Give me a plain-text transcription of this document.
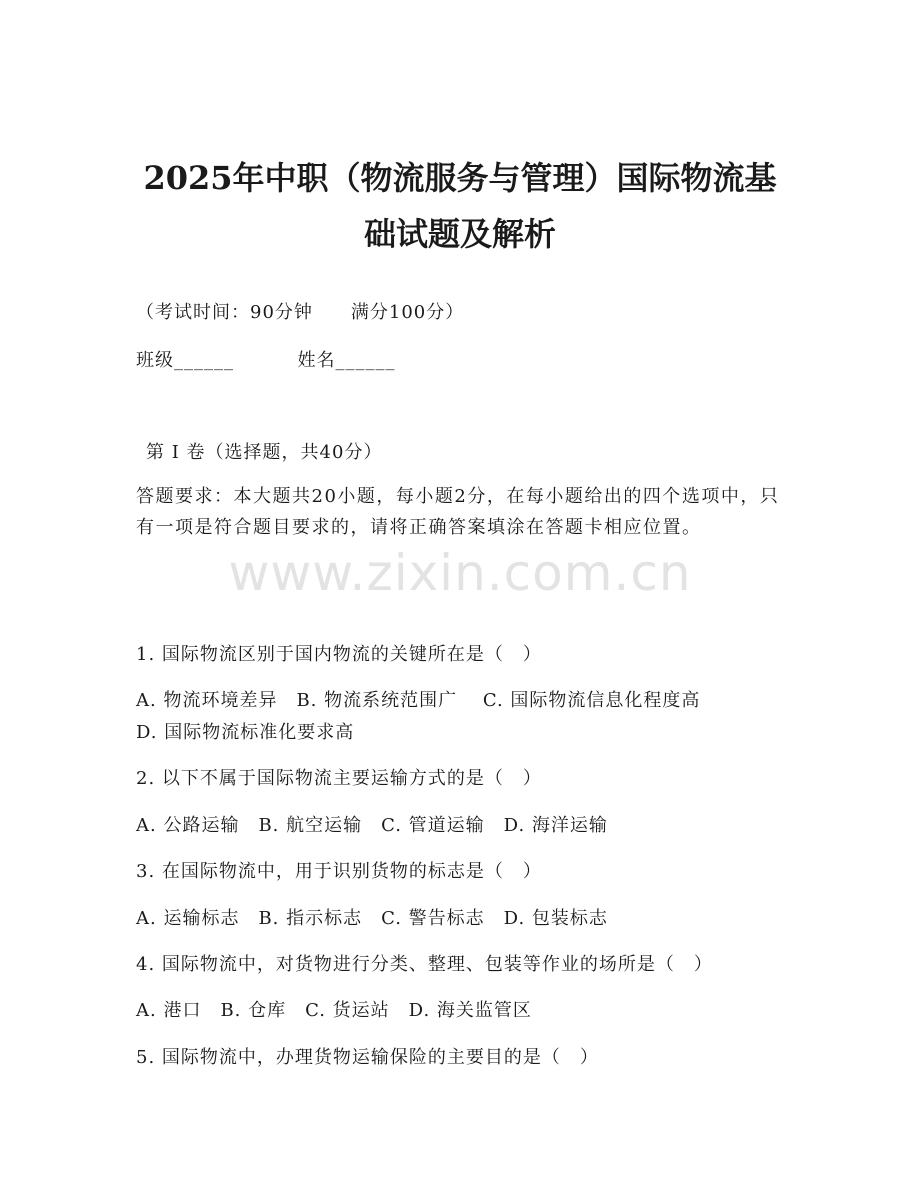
2025年中职（物流服务与管理）国际物流基
础试题及解析
（考试时间：90分钟　　满分100分）
班级______	姓名______
第 I 卷（选择题，共40分）
答题要求：本大题共20小题，每小题2分，在每小题给出的四个选项中，只有一项是符合题目要求的，请将正确答案填涂在答题卡相应位置。
www.zixin.com.cn
1. 国际物流区别于国内物流的关键所在是（　）
A. 物流环境差异　B. 物流系统范围广　 C. 国际物流信息化程度高
D. 国际物流标准化要求高
2. 以下不属于国际物流主要运输方式的是（　）
A. 公路运输　B. 航空运输　C. 管道运输　D. 海洋运输
3. 在国际物流中，用于识别货物的标志是（　）
A. 运输标志　B. 指示标志　C. 警告标志　D. 包装标志
4. 国际物流中，对货物进行分类、整理、包装等作业的场所是（　）
A. 港口　B. 仓库　C. 货运站　D. 海关监管区
5. 国际物流中，办理货物运输保险的主要目的是（　）
